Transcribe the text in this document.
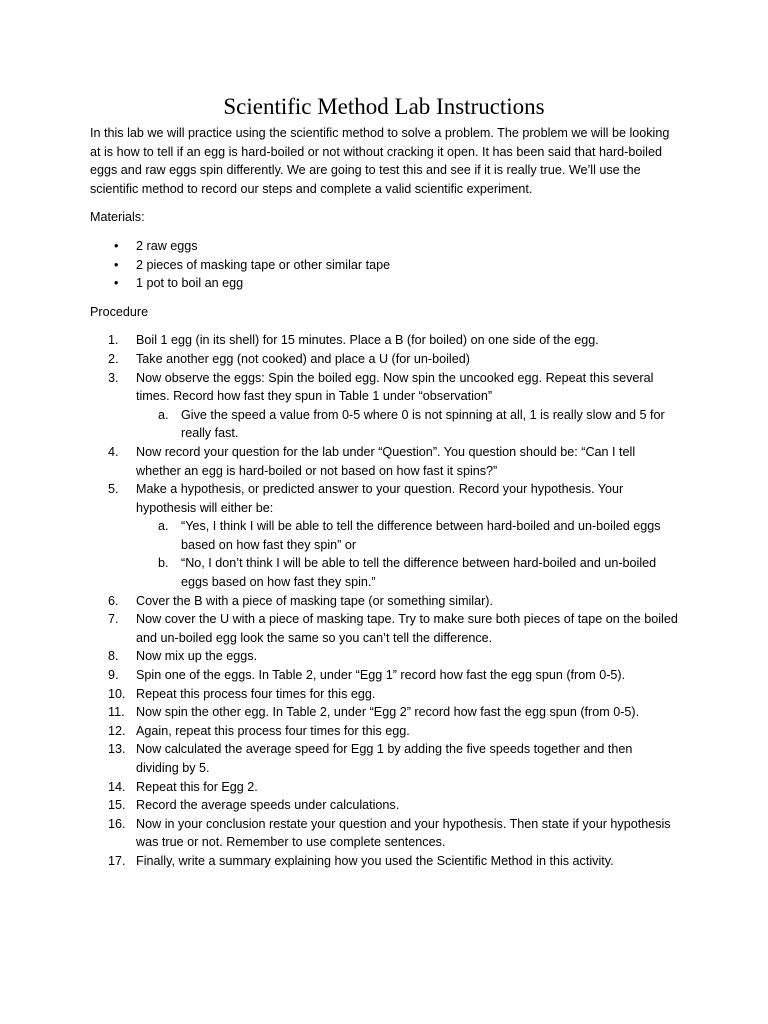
Scientific Method Lab Instructions

In this lab we will practice using the scientific method to solve a problem. The problem we will be looking at is how to tell if an egg is hard-boiled or not without cracking it open. It has been said that hard-boiled eggs and raw eggs spin differently. We are going to test this and see if it is really true. We’ll use the scientific method to record our steps and complete a valid scientific experiment.

Materials:

• 2 raw eggs
• 2 pieces of masking tape or other similar tape
• 1 pot to boil an egg

Procedure

1.	Boil 1 egg (in its shell) for 15 minutes. Place a B (for boiled) on one side of the egg.
2.	Take another egg (not cooked) and place a U (for un-boiled)
3.	Now observe the eggs: Spin the boiled egg. Now spin the uncooked egg. Repeat this several times. Record how fast they spun in Table 1 under “observation”
a. Give the speed a value from 0-5 where 0 is not spinning at all, 1 is really slow and 5 for really fast.
4.	Now record your question for the lab under “Question”. You question should be: “Can I tell whether an egg is hard-boiled or not based on how fast it spins?”
5.	Make a hypothesis, or predicted answer to your question. Record your hypothesis. Your hypothesis will either be:
a. “Yes, I think I will be able to tell the difference between hard-boiled and un-boiled eggs based on how fast they spin” or
b. “No, I don’t think I will be able to tell the difference between hard-boiled and un-boiled eggs based on how fast they spin.”
6.	Cover the B with a piece of masking tape (or something similar).
7.	Now cover the U with a piece of masking tape. Try to make sure both pieces of tape on the boiled and un-boiled egg look the same so you can’t tell the difference.
8.	Now mix up the eggs.
9.	Spin one of the eggs. In Table 2, under “Egg 1” record how fast the egg spun (from 0-5).
10. Repeat this process four times for this egg.
11. Now spin the other egg. In Table 2, under “Egg 2” record how fast the egg spun (from 0-5).
12. Again, repeat this process four times for this egg.
13. Now calculated the average speed for Egg 1 by adding the five speeds together and then dividing by 5.
14. Repeat this for Egg 2.
15. Record the average speeds under calculations.
16. Now in your conclusion restate your question and your hypothesis. Then state if your hypothesis was true or not. Remember to use complete sentences.
17. Finally, write a summary explaining how you used the Scientific Method in this activity.
